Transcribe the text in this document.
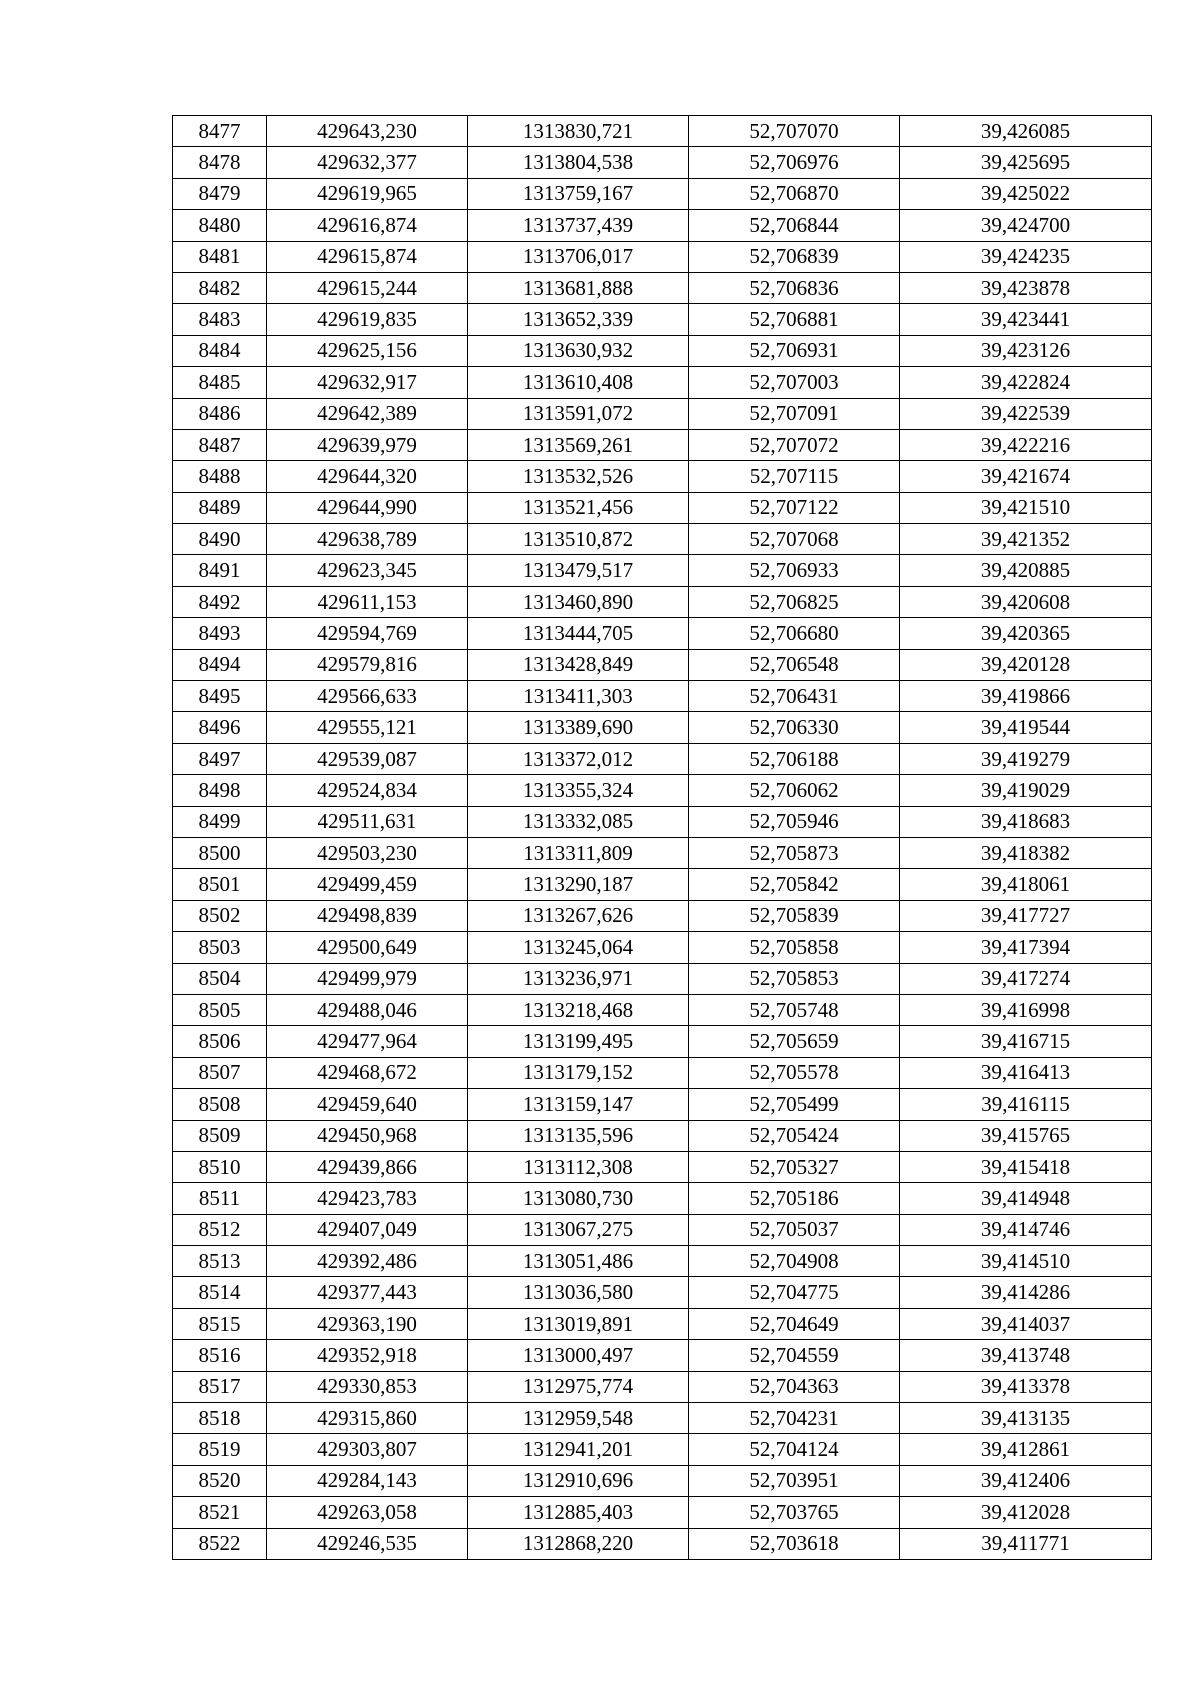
8477	429643,230	1313830,721	52,707070	39,426085
8478	429632,377	1313804,538	52,706976	39,425695
8479	429619,965	1313759,167	52,706870	39,425022
8480	429616,874	1313737,439	52,706844	39,424700
8481	429615,874	1313706,017	52,706839	39,424235
8482	429615,244	1313681,888	52,706836	39,423878
8483	429619,835	1313652,339	52,706881	39,423441
8484	429625,156	1313630,932	52,706931	39,423126
8485	429632,917	1313610,408	52,707003	39,422824
8486	429642,389	1313591,072	52,707091	39,422539
8487	429639,979	1313569,261	52,707072	39,422216
8488	429644,320	1313532,526	52,707115	39,421674
8489	429644,990	1313521,456	52,707122	39,421510
8490	429638,789	1313510,872	52,707068	39,421352
8491	429623,345	1313479,517	52,706933	39,420885
8492	429611,153	1313460,890	52,706825	39,420608
8493	429594,769	1313444,705	52,706680	39,420365
8494	429579,816	1313428,849	52,706548	39,420128
8495	429566,633	1313411,303	52,706431	39,419866
8496	429555,121	1313389,690	52,706330	39,419544
8497	429539,087	1313372,012	52,706188	39,419279
8498	429524,834	1313355,324	52,706062	39,419029
8499	429511,631	1313332,085	52,705946	39,418683
8500	429503,230	1313311,809	52,705873	39,418382
8501	429499,459	1313290,187	52,705842	39,418061
8502	429498,839	1313267,626	52,705839	39,417727
8503	429500,649	1313245,064	52,705858	39,417394
8504	429499,979	1313236,971	52,705853	39,417274
8505	429488,046	1313218,468	52,705748	39,416998
8506	429477,964	1313199,495	52,705659	39,416715
8507	429468,672	1313179,152	52,705578	39,416413
8508	429459,640	1313159,147	52,705499	39,416115
8509	429450,968	1313135,596	52,705424	39,415765
8510	429439,866	1313112,308	52,705327	39,415418
8511	429423,783	1313080,730	52,705186	39,414948
8512	429407,049	1313067,275	52,705037	39,414746
8513	429392,486	1313051,486	52,704908	39,414510
8514	429377,443	1313036,580	52,704775	39,414286
8515	429363,190	1313019,891	52,704649	39,414037
8516	429352,918	1313000,497	52,704559	39,413748
8517	429330,853	1312975,774	52,704363	39,413378
8518	429315,860	1312959,548	52,704231	39,413135
8519	429303,807	1312941,201	52,704124	39,412861
8520	429284,143	1312910,696	52,703951	39,412406
8521	429263,058	1312885,403	52,703765	39,412028
8522	429246,535	1312868,220	52,703618	39,411771
